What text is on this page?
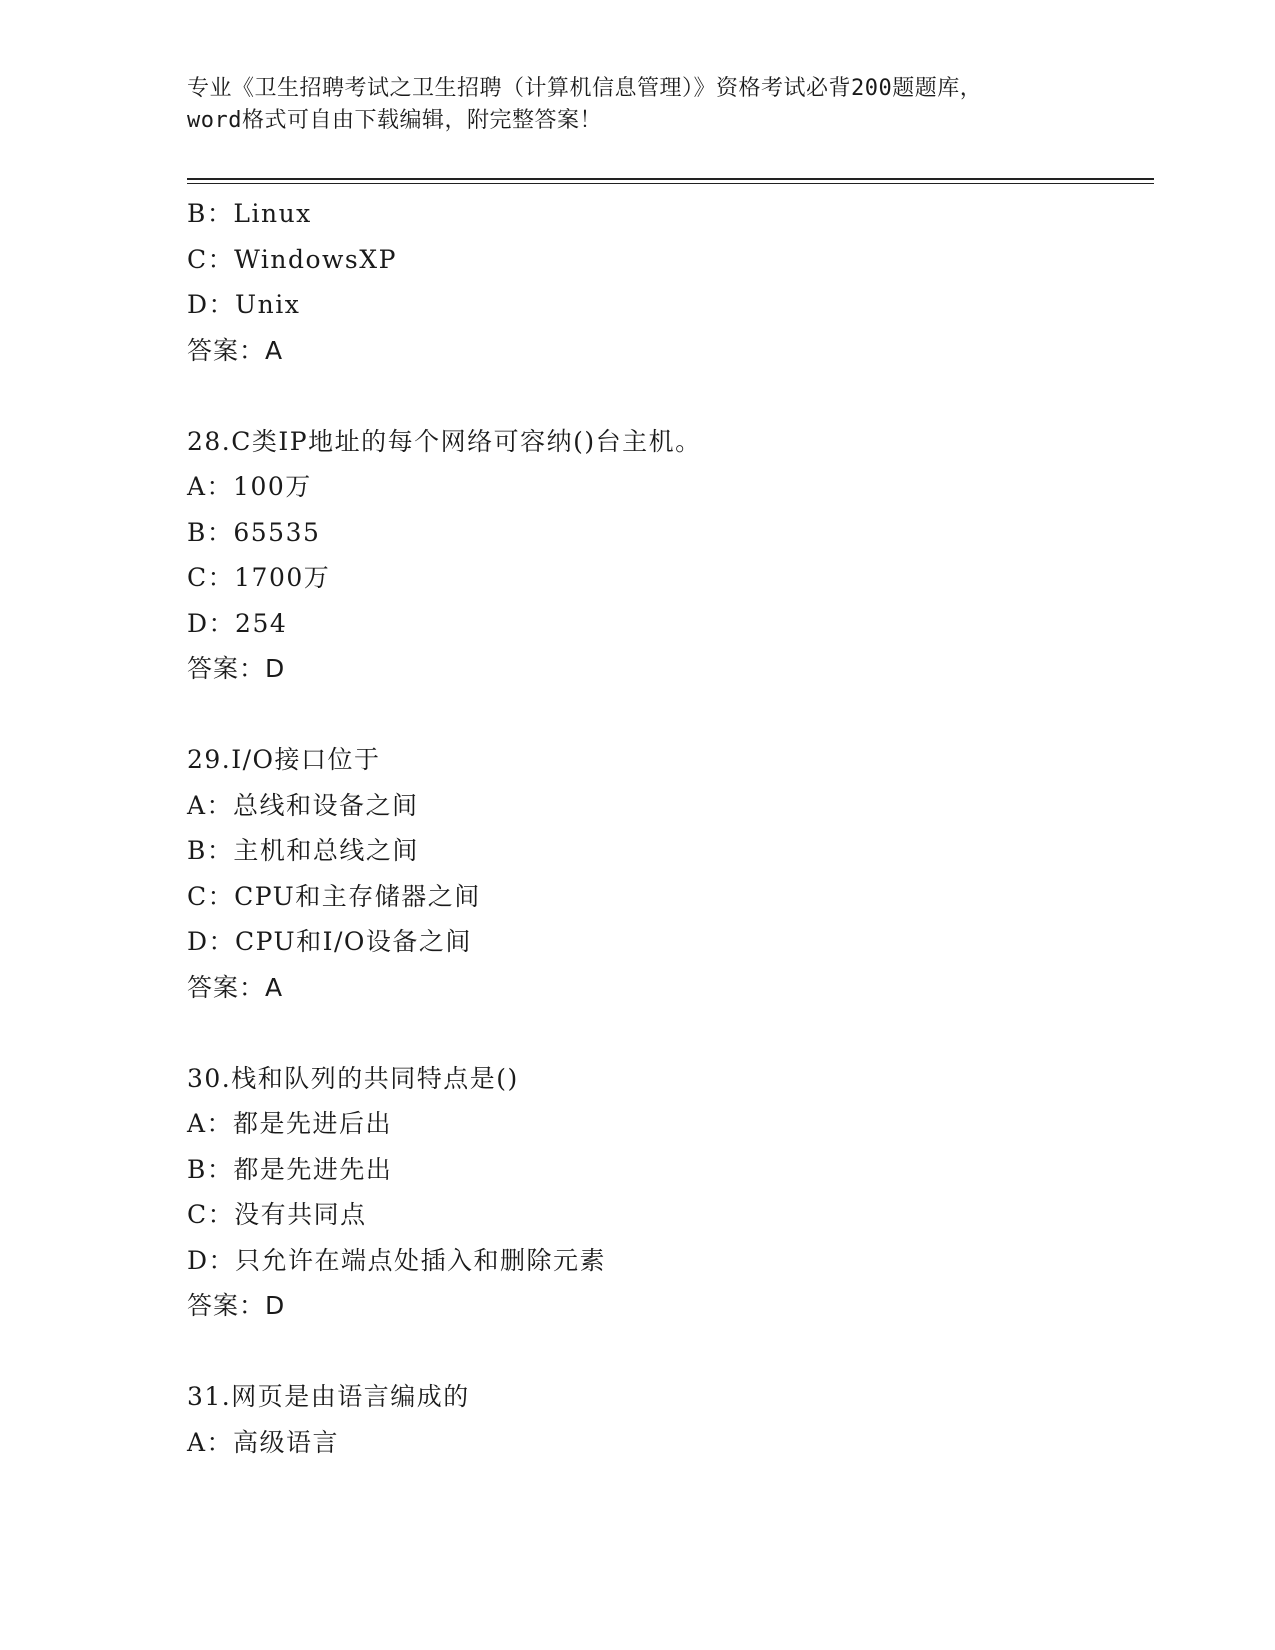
专业《卫生招聘考试之卫生招聘（计算机信息管理）》资格考试必背200题题库，
word格式可自由下载编辑，附完整答案！
B：Linux
C：WindowsXP
D：Unix
答案：A
28.C类IP地址的每个网络可容纳()台主机。
A：100万
B：65535
C：1700万
D：254
答案：D
29.I/O接口位于
A：总线和设备之间
B：主机和总线之间
C：CPU和主存储器之间
D：CPU和I/O设备之间
答案：A
30.栈和队列的共同特点是()
A：都是先进后出
B：都是先进先出
C：没有共同点
D：只允许在端点处插入和删除元素
答案：D
31.网页是由语言编成的
A：高级语言
